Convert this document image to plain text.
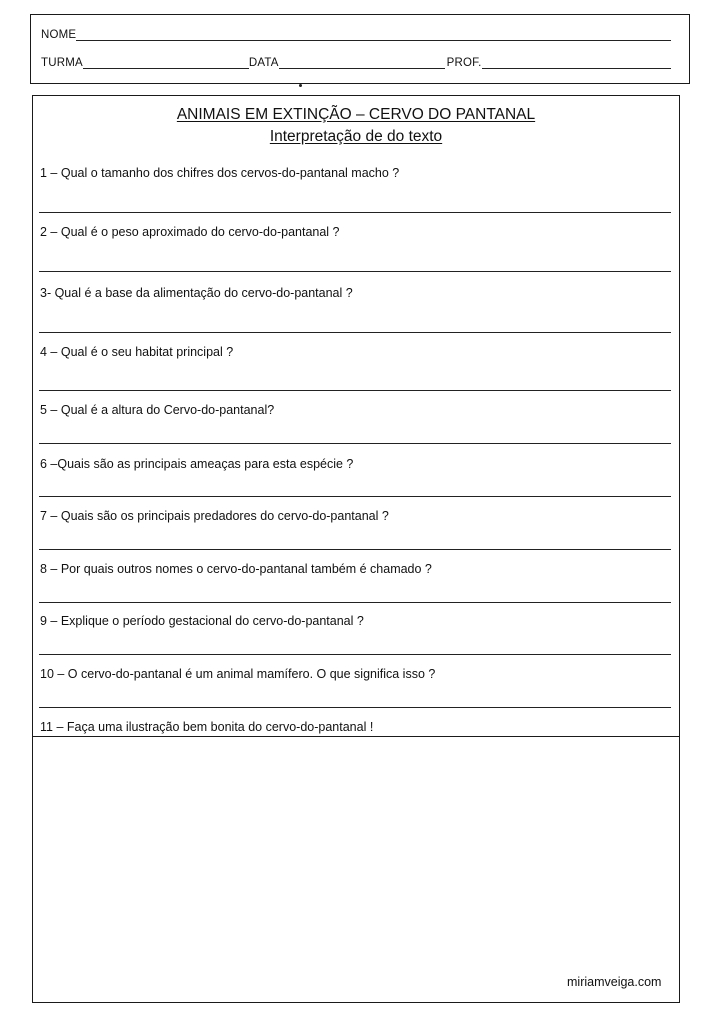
NOME
TURMA	DATA	PROF.
ANIMAIS EM EXTINÇÃO – CERVO DO PANTANAL
Interpretação de do texto
1 – Qual o tamanho dos chifres dos cervos-do-pantanal macho ?
2 – Qual é o peso aproximado do cervo-do-pantanal ?
3- Qual é a base da alimentação do cervo-do-pantanal ?
4 – Qual é o seu habitat principal ?
5 – Qual é a altura do Cervo-do-pantanal?
6 –Quais são as principais ameaças para esta espécie ?
7 – Quais são os principais predadores do cervo-do-pantanal ?
8 – Por quais outros nomes o cervo-do-pantanal também é chamado ?
9 – Explique o período gestacional do cervo-do-pantanal ?
10 – O cervo-do-pantanal é um animal mamífero. O que significa isso ?
11 – Faça uma ilustração bem bonita do cervo-do-pantanal !
miriamveiga.com
